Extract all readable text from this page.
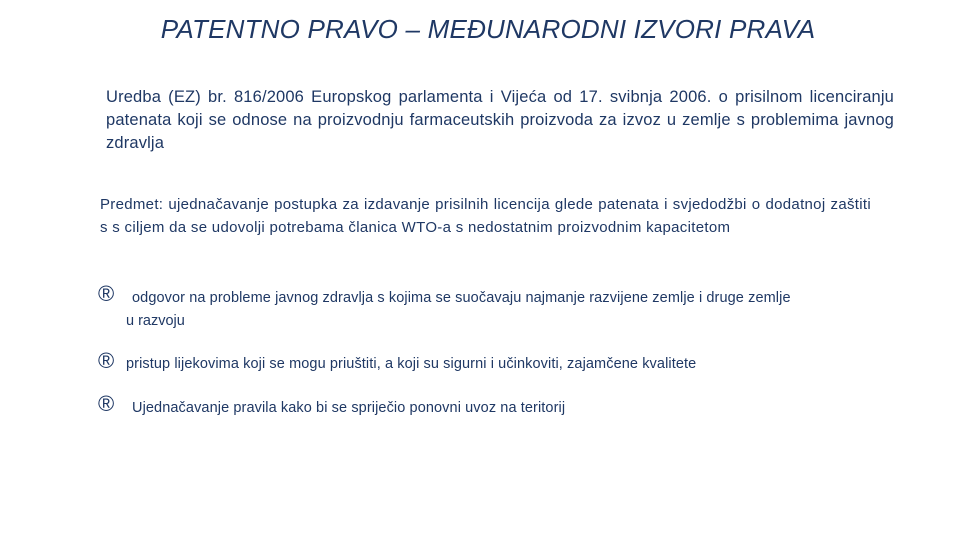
PATENTNO PRAVO – MEĐUNARODNI IZVORI PRAVA
Uredba (EZ) br. 816/2006 Europskog parlamenta i Vijeća od 17. svibnja 2006. o prisilnom licenciranju patenata koji se odnose na proizvodnju farmaceutskih proizvoda za izvoz u zemlje s problemima javnog zdravlja
Predmet: ujednačavanje postupka za izdavanje prisilnih licencija glede patenata i svjedodžbi o dodatnoj zaštiti s s ciljem da se udovolji potrebama članica WTO-a s nedostatnim proizvodnim kapacitetom
® odgovor na probleme javnog zdravlja s kojima se suočavaju najmanje razvijene zemlje i druge zemlje
u razvoju
® pristup lijekovima koji se mogu priuštiti, a koji su sigurni i učinkoviti, zajamčene kvalitete
® Ujednačavanje pravila kako bi se spriječio ponovni uvoz na teritorij
